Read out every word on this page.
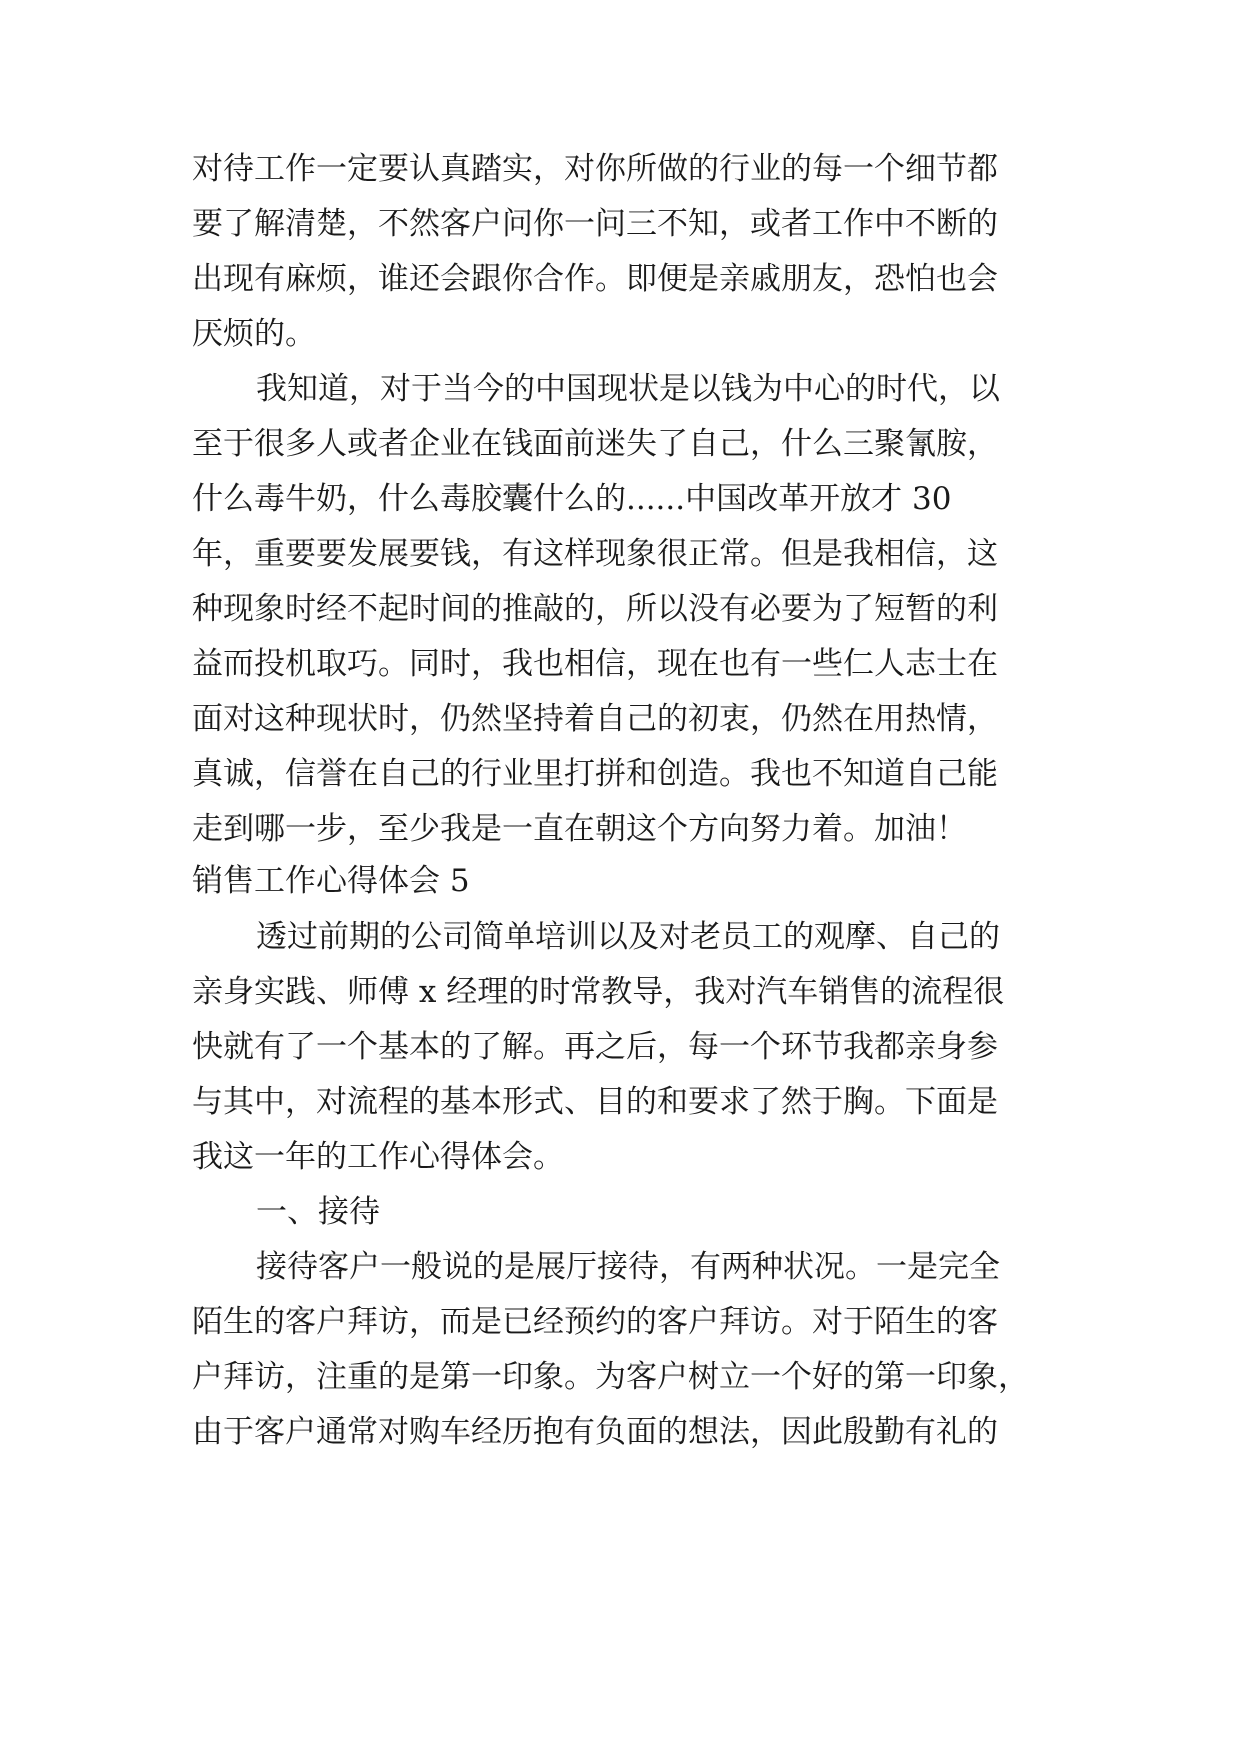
对待工作一定要认真踏实，对你所做的行业的每一个细节都
要了解清楚，不然客户问你一问三不知，或者工作中不断的
出现有麻烦，谁还会跟你合作。即便是亲戚朋友，恐怕也会
厌烦的。
我知道，对于当今的中国现状是以钱为中心的时代，以
至于很多人或者企业在钱面前迷失了自己，什么三聚氰胺，
什么毒牛奶，什么毒胶囊什么的......中国改革开放才 30
年，重要要发展要钱，有这样现象很正常。但是我相信，这
种现象时经不起时间的推敲的，所以没有必要为了短暂的利
益而投机取巧。同时，我也相信，现在也有一些仁人志士在
面对这种现状时，仍然坚持着自己的初衷，仍然在用热情，
真诚，信誉在自己的行业里打拼和创造。我也不知道自己能
走到哪一步，至少我是一直在朝这个方向努力着。加油！
销售工作心得体会 5
透过前期的公司简单培训以及对老员工的观摩、自己的
亲身实践、师傅 x 经理的时常教导，我对汽车销售的流程很
快就有了一个基本的了解。再之后，每一个环节我都亲身参
与其中，对流程的基本形式、目的和要求了然于胸。下面是
我这一年的工作心得体会。
一、接待
接待客户一般说的是展厅接待，有两种状况。一是完全
陌生的客户拜访，而是已经预约的客户拜访。对于陌生的客
户拜访，注重的是第一印象。为客户树立一个好的第一印象，
由于客户通常对购车经历抱有负面的想法，因此殷勤有礼的
